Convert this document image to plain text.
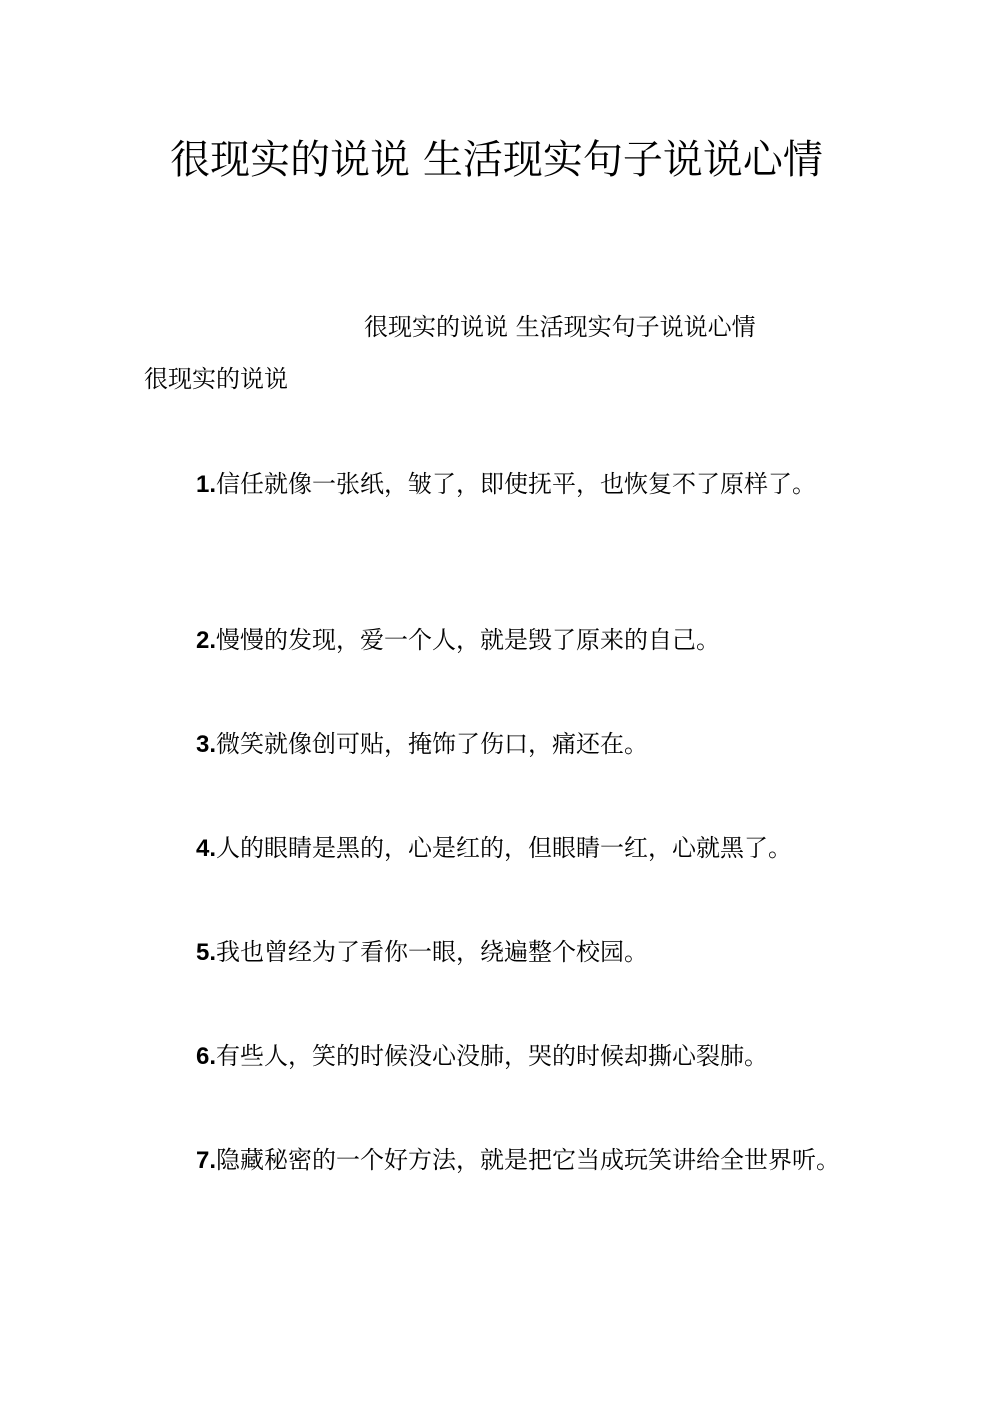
很现实的说说 生活现实句子说说心情
很现实的说说 生活现实句子说说心情
很现实的说说

1.信任就像一张纸，皱了，即使抚平，也恢复不了原样了。

2.慢慢的发现，爱一个人，就是毁了原来的自己。

3.微笑就像创可贴，掩饰了伤口，痛还在。

4.人的眼睛是黑的，心是红的，但眼睛一红，心就黑了。

5.我也曾经为了看你一眼，绕遍整个校园。

6.有些人，笑的时候没心没肺，哭的时候却撕心裂肺。

7.隐藏秘密的一个好方法，就是把它当成玩笑讲给全世界听。
